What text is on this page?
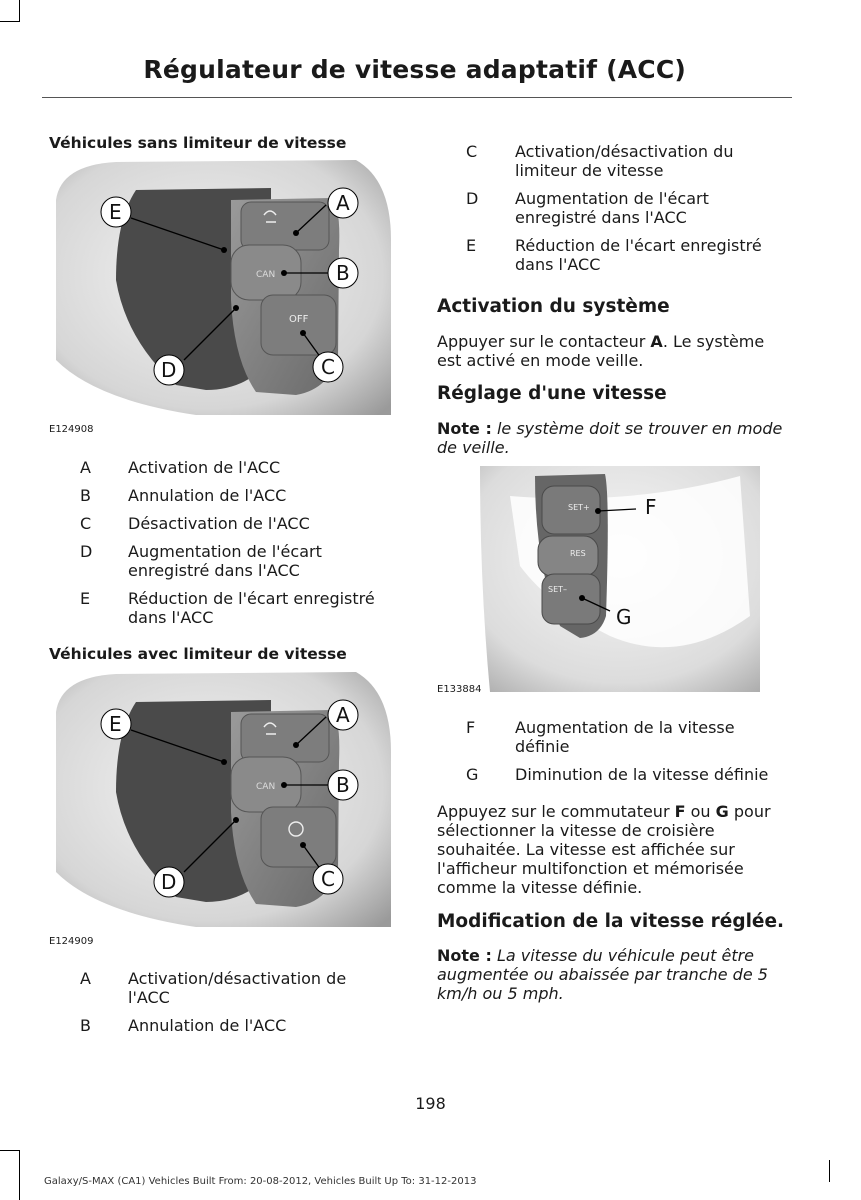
Régulateur de vitesse adaptatif (ACC)
Véhicules sans limiteur de vitesse
CAN
OFF
A
B
C
D
E
E124908
A	Activation de l'ACC
B	Annulation de l'ACC
C	Désactivation de l'ACC
D	Augmentation de l'écart
enregistré dans l'ACC
E	Réduction de l'écart enregistré
dans l'ACC
Véhicules avec limiteur de vitesse
CAN
A
B
C
D
E
E124909
A	Activation/désactivation de
l'ACC
B	Annulation de l'ACC
C	Activation/désactivation du
limiteur de vitesse
D	Augmentation de l'écart
enregistré dans l'ACC
E	Réduction de l'écart enregistré
dans l'ACC
Activation du système
Appuyer sur le contacteur A. Le système
est activé en mode veille.
Réglage d'une vitesse
Note : le système doit se trouver en mode
de veille.
SET+
RES
SET–
F
G
E133884
F	Augmentation de la vitesse
définie
G	Diminution de la vitesse définie
Appuyez sur le commutateur F ou G pour
sélectionner la vitesse de croisière
souhaitée. La vitesse est affichée sur
l'afficheur multifonction et mémorisée
comme la vitesse définie.
Modification de la vitesse réglée.
Note : La vitesse du véhicule peut être
augmentée ou abaissée par tranche de 5
km/h ou 5 mph.
198
Galaxy/S-MAX (CA1) Vehicles Built From: 20-08-2012, Vehicles Built Up To: 31-12-2013
